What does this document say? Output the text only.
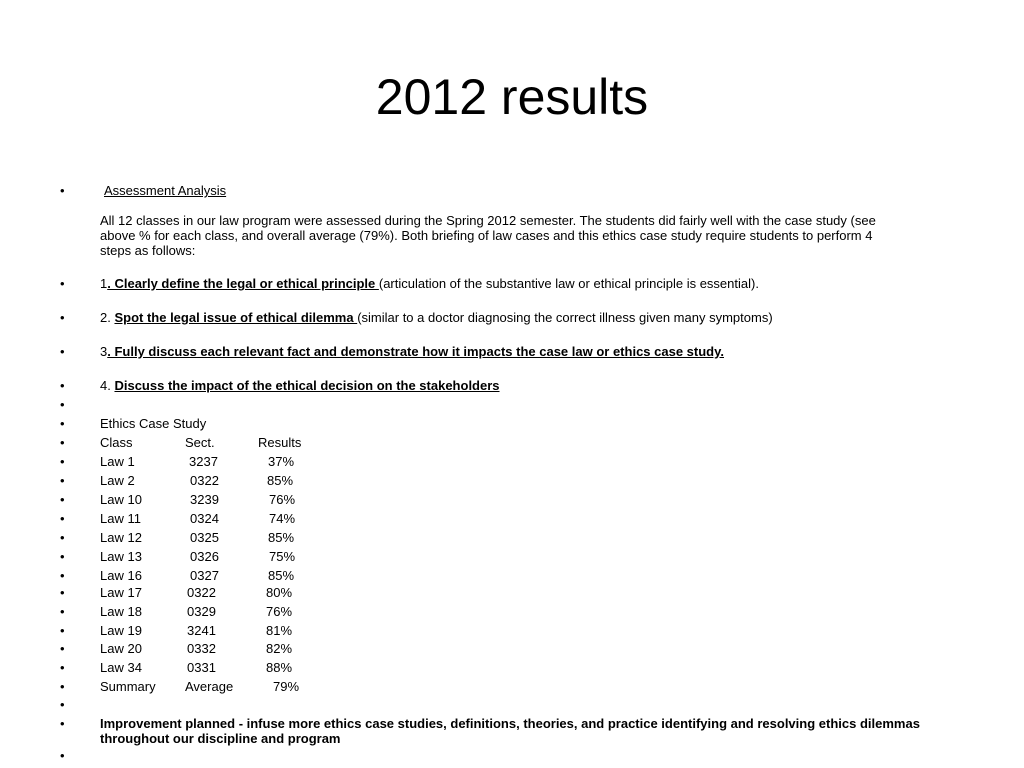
2012 results
•	Assessment Analysis
All 12 classes in our law program were assessed during the Spring 2012 semester. The students did fairly well with the case study (see
above % for each class, and overall average (79%). Both briefing of law cases and this ethics case study require students to perform 4
steps as follows:
•	1. Clearly define the legal or ethical principle (articulation of the substantive law or ethical principle is essential).
•	2. Spot the legal issue of ethical dilemma (similar to a doctor diagnosing the correct illness given many symptoms)
•	3. Fully discuss each relevant fact and demonstrate how it impacts the case law or ethics case study.
•	4. Discuss the impact of the ethical decision on the stakeholders
•
•	Ethics Case Study
•	Class	Sect.	Results
•	Law 1	3237	37%
•	Law 2	0322	85%
•	Law 10	3239	76%
•	Law 11	0324	74%
•	Law 12	0325	85%
•	Law 13	0326	75%
•	Law 16	0327	85%
•	Law 17	0322	80%
•	Law 18	0329	76%
•	Law 19	3241	81%
•	Law 20	0332	82%
•	Law 34	0331	88%
•	Summary Average	79%
•
•	Improvement planned - infuse more ethics case studies, definitions, theories, and practice identifying and resolving ethics dilemmas
throughout our discipline and program
•
